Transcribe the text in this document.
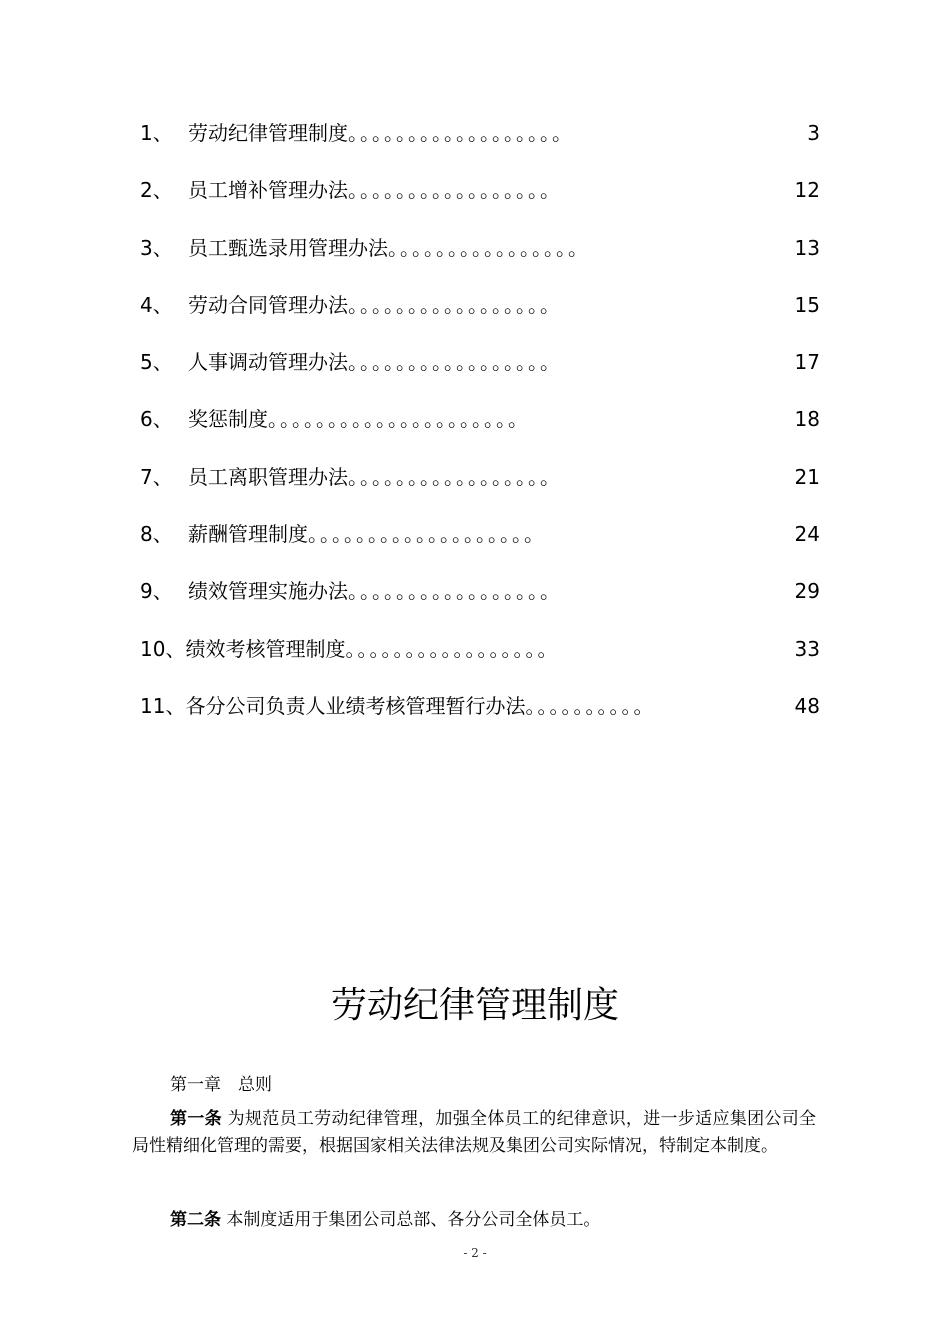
1、 劳动纪律管理制度 。。。。。。。。。。。。。。。。。。	3
2、 员工增补管理办法 。。。。。。。。。。。。。。。。。	12
3、 员工甄选录用管理办法 。。。。。。。。。。。。。。。。	13
4、 劳动合同管理办法 。。。。。。。。。。。。。。。。。	15
5、 人事调动管理办法 。。。。。。。。。。。。。。。。。	17
6、 奖惩制度 。。。。。。。。。。。。。。。。。。。。。	18
7、 员工离职管理办法 。。。。。。。。。。。。。。。。。	21
8、 薪酬管理制度 。。。。。。。。。。。。。。。。。。。	24
9、 绩效管理实施办法 。。。。。。。。。。。。。。。。。	29
10、 绩效考核管理制度 。。。。。。。。。。。。。。。。。	33
11、 各分公司负责人业绩考核管理暂行办法 。。。。。。。。。。	48
劳动纪律管理制度
第一章　总则
第一条 为规范员工劳动纪律管理，加强全体员工的纪律意识，进一步适应集团公司全局性精细化管理的需要，根据国家相关法律法规及集团公司实际情况，特制定本制度。
第二条 本制度适用于集团公司总部、各分公司全体员工。
- 2 -
